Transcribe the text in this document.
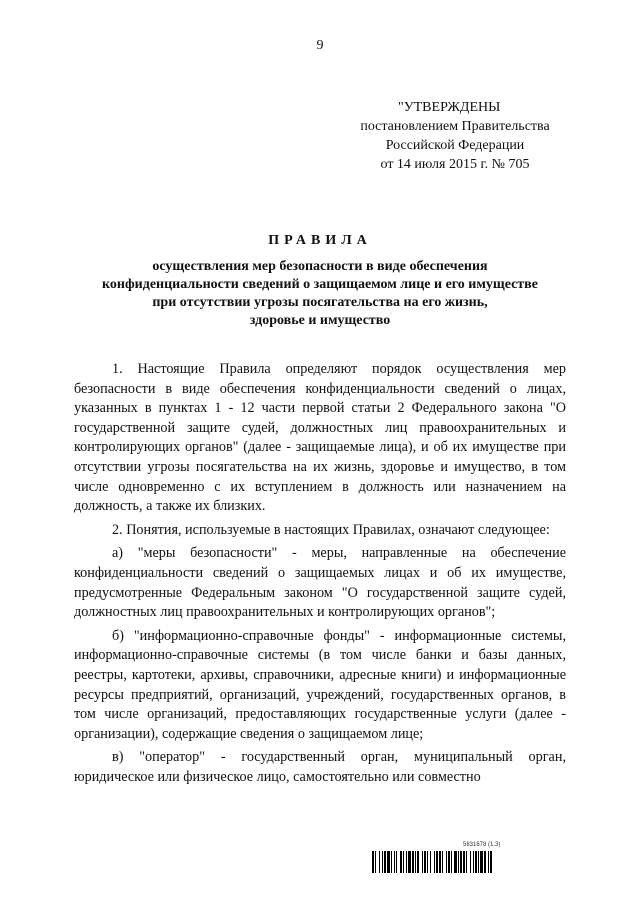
9
"УТВЕРЖДЕНЫ
постановлением Правительства
Российской Федерации
от 14 июля 2015 г. № 705
ПРАВИЛА
осуществления мер безопасности в виде обеспечения
конфиденциальности сведений о защищаемом лице и его имуществе
при отсутствии угрозы посягательства на его жизнь,
здоровье и имущество

1. Настоящие Правила определяют порядок осуществления мер безопасности в виде обеспечения конфиденциальности сведений о лицах, указанных в пунктах 1 - 12 части первой статьи 2 Федерального закона "О государственной защите судей, должностных лиц правоохранительных и контролирующих органов" (далее - защищаемые лица), и об их имуществе при отсутствии угрозы посягательства на их жизнь, здоровье и имущество, в том числе одновременно с их вступлением в должность или назначением на должность, а также их близких.

2. Понятия, используемые в настоящих Правилах, означают следующее:

а) "меры безопасности" - меры, направленные на обеспечение конфиденциальности сведений о защищаемых лицах и об их имуществе, предусмотренные Федеральным законом "О государственной защите судей, должностных лиц правоохранительных и контролирующих органов";

б) "информационно-справочные фонды" - информационные системы, информационно-справочные системы (в том числе банки и базы данных, реестры, картотеки, архивы, справочники, адресные книги) и информационные ресурсы предприятий, организаций, учреждений, государственных органов, в том числе организаций, предоставляющих государственные услуги (далее - организации), содержащие сведения о защищаемом лице;

в) "оператор" - государственный орган, муниципальный орган, юридическое или физическое лицо, самостоятельно или совместно

5831678 (1.3)
